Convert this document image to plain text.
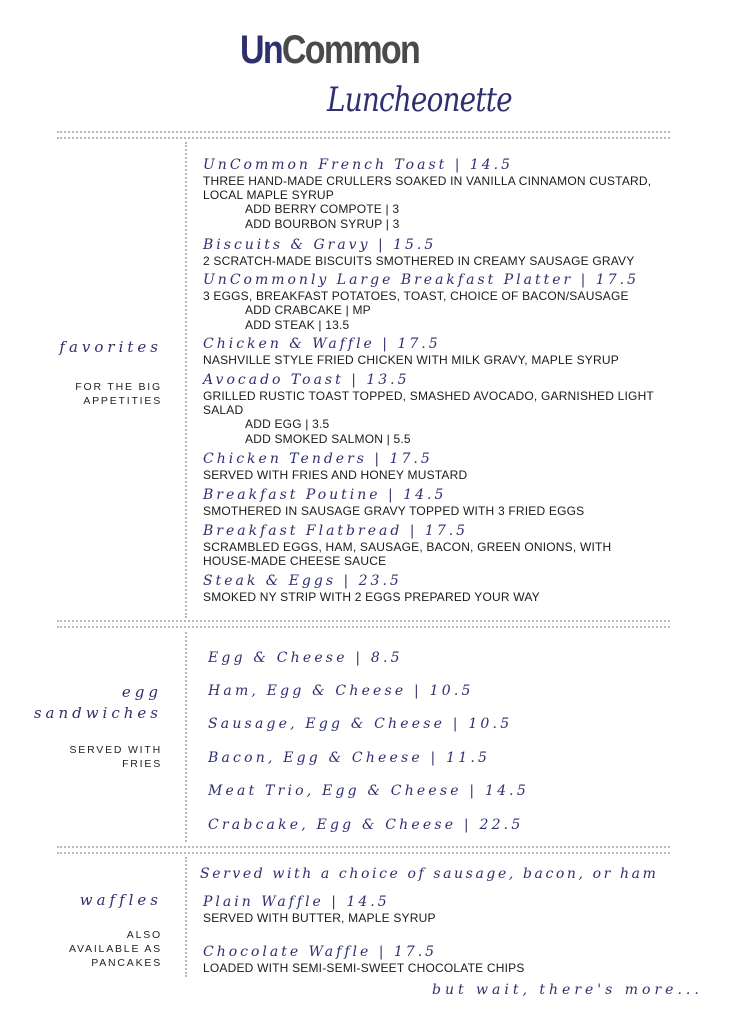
UnCommon
Luncheonette
favorites
FOR THE BIG
APPETITIES
UnCommon French Toast | 14.5
THREE HAND-MADE CRULLERS SOAKED IN VANILLA CINNAMON CUSTARD,
LOCAL MAPLE SYRUP
ADD BERRY COMPOTE | 3
ADD BOURBON SYRUP | 3
Biscuits & Gravy | 15.5
2 SCRATCH-MADE BISCUITS SMOTHERED IN CREAMY SAUSAGE GRAVY
UnCommonly Large Breakfast Platter | 17.5
3 EGGS, BREAKFAST POTATOES, TOAST, CHOICE OF BACON/SAUSAGE
ADD CRABCAKE | MP
ADD STEAK | 13.5
Chicken & Waffle | 17.5
NASHVILLE STYLE FRIED CHICKEN WITH MILK GRAVY, MAPLE SYRUP
Avocado Toast | 13.5
GRILLED RUSTIC TOAST TOPPED, SMASHED AVOCADO, GARNISHED LIGHT
SALAD
ADD EGG | 3.5
ADD SMOKED SALMON | 5.5
Chicken Tenders | 17.5
SERVED WITH FRIES AND HONEY MUSTARD
Breakfast Poutine | 14.5
SMOTHERED IN SAUSAGE GRAVY TOPPED WITH 3 FRIED EGGS
Breakfast Flatbread | 17.5
SCRAMBLED EGGS, HAM, SAUSAGE, BACON, GREEN ONIONS, WITH
HOUSE-MADE CHEESE SAUCE
Steak & Eggs | 23.5
SMOKED NY STRIP WITH 2 EGGS PREPARED YOUR WAY
egg
sandwiches
SERVED WITH
FRIES
Egg & Cheese | 8.5
Ham, Egg & Cheese | 10.5
Sausage, Egg & Cheese | 10.5
Bacon, Egg & Cheese | 11.5
Meat Trio, Egg & Cheese | 14.5
Crabcake, Egg & Cheese | 22.5
Served with a choice of sausage, bacon, or ham
waffles
ALSO
AVAILABLE AS
PANCAKES
Plain Waffle | 14.5
SERVED WITH BUTTER, MAPLE SYRUP
Chocolate Waffle | 17.5
LOADED WITH SEMI-SEMI-SWEET CHOCOLATE CHIPS
but wait, there's more...
